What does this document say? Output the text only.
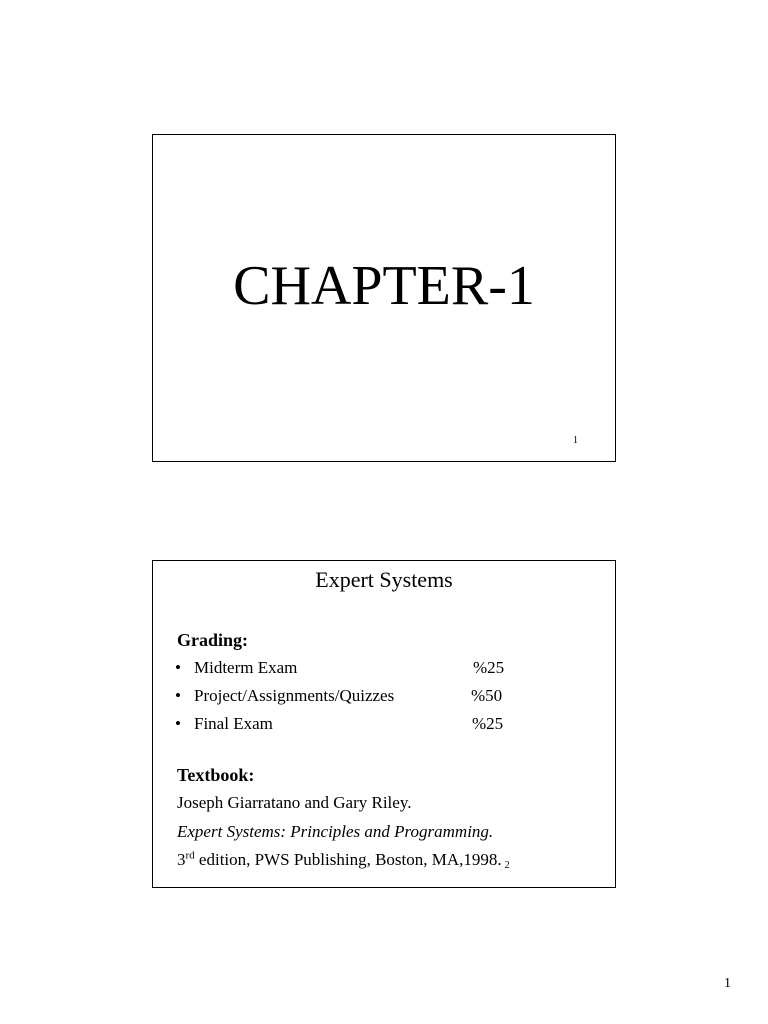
CHAPTER-1
1
Expert Systems
Grading:
• Midterm Exam	%25
• Project/Assignments/Quizzes	%50
• Final Exam	%25
Textbook:
Joseph Giarratano and Gary Riley.
Expert Systems: Principles and Programming.
3rd edition, PWS Publishing, Boston, MA,1998. 2
1
